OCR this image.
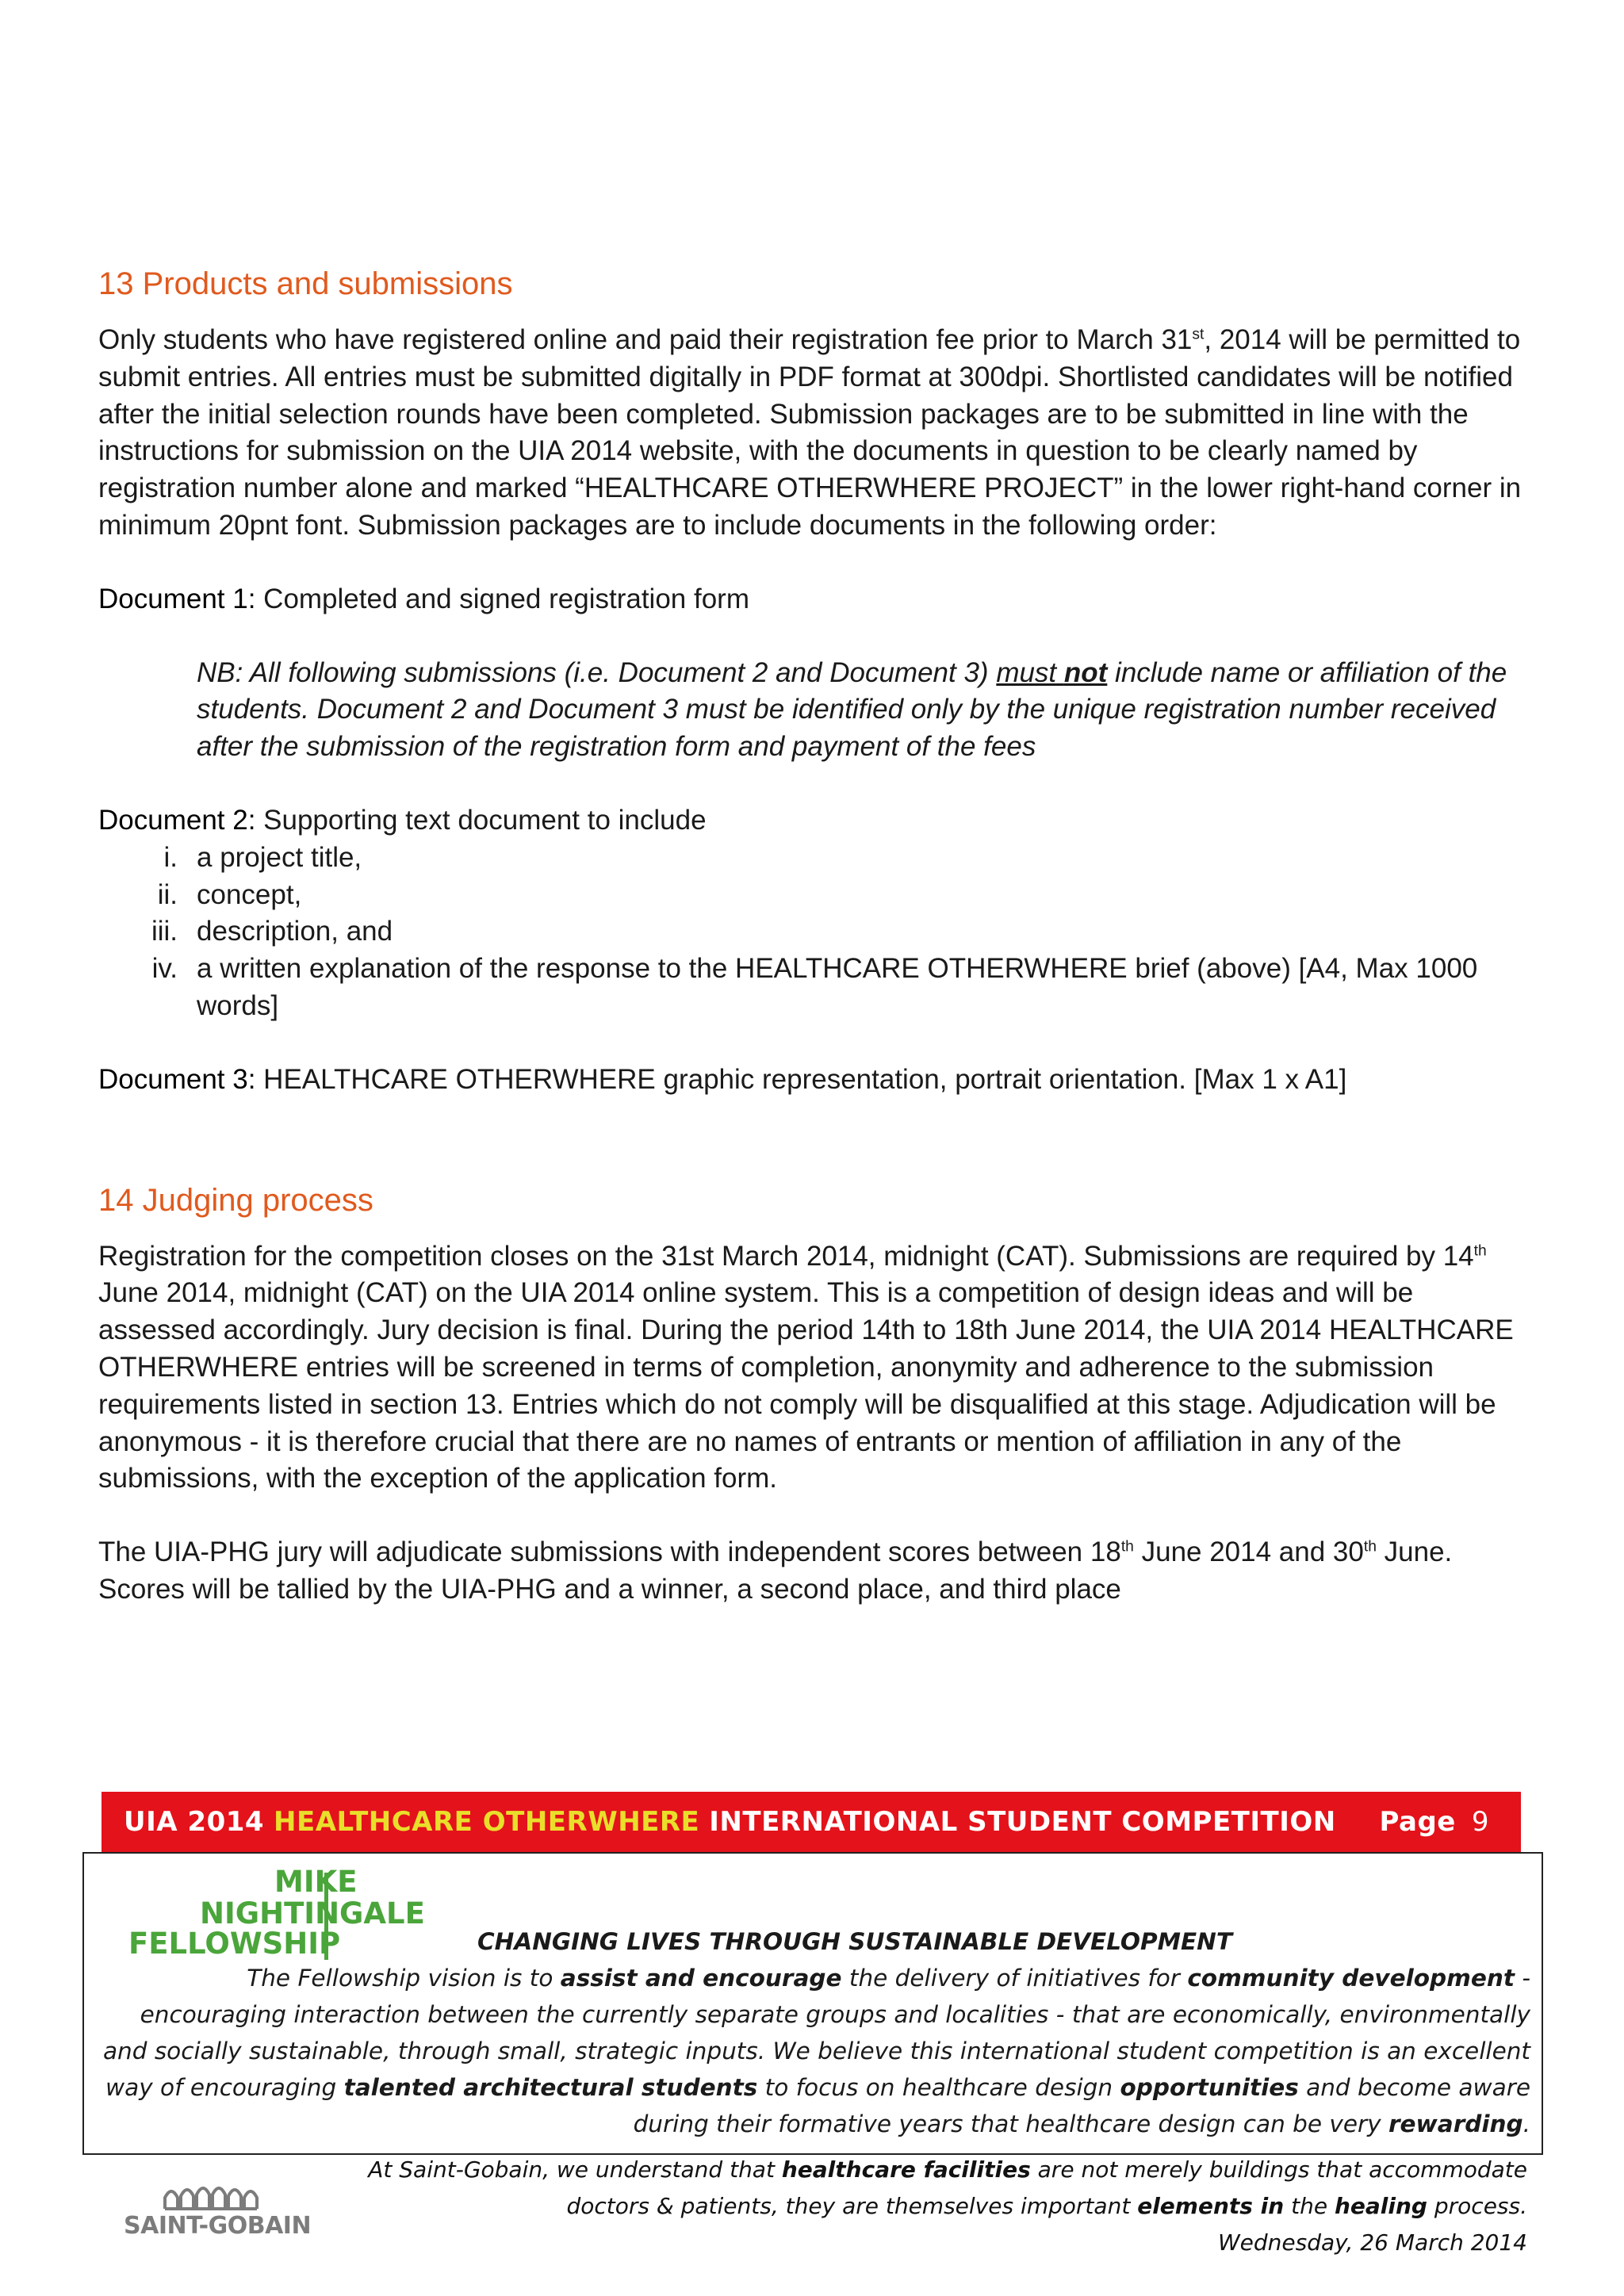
13 Products and submissions

Only students who have registered online and paid their registration fee prior to March 31st, 2014 will be permitted to submit entries. All entries must be submitted digitally in PDF format at 300dpi. Shortlisted candidates will be notified after the initial selection rounds have been completed. Submission packages are to be submitted in line with the instructions for submission on the UIA 2014 website, with the documents in question to be clearly named by registration number alone and marked “HEALTHCARE OTHERWHERE PROJECT” in the lower right-hand corner in minimum 20pnt font. Submission packages are to include documents in the following order:

Document 1: Completed and signed registration form

NB: All following submissions (i.e. Document 2 and Document 3) must not include name or affiliation of the students. Document 2 and Document 3 must be identified only by the unique registration number received after the submission of the registration form and payment of the fees

Document 2: Supporting text document to include

i. a project title,
ii. concept,
iii. description, and
iv. a written explanation of the response to the HEALTHCARE OTHERWHERE brief (above) [A4, Max 1000 words]

Document 3: HEALTHCARE OTHERWHERE graphic representation, portrait orientation. [Max 1 x A1]

14 Judging process

Registration for the competition closes on the 31st March 2014, midnight (CAT). Submissions are required by 14th June 2014, midnight (CAT) on the UIA 2014 online system. This is a competition of design ideas and will be assessed accordingly. Jury decision is final. During the period 14th to 18th June 2014, the UIA 2014 HEALTHCARE OTHERWHERE entries will be screened in terms of completion, anonymity and adherence to the submission requirements listed in section 13. Entries which do not comply will be disqualified at this stage. Adjudication will be anonymous - it is therefore crucial that there are no names of entrants or mention of affiliation in any of the submissions, with the exception of the application form.

The UIA-PHG jury will adjudicate submissions with independent scores between 18th June 2014 and 30th June. Scores will be tallied by the UIA-PHG and a winner, a second place, and third place

UIA 2014 HEALTHCARE OTHERWHERE INTERNATIONAL STUDENT COMPETITION Page 9
MIKE
NIGHTINGALE
FELLOWSHIP	CHANGING LIVES THROUGH SUSTAINABLE DEVELOPMENT

The Fellowship vision is to assist and encourage the delivery of initiatives for community development - encouraging interaction between the currently separate groups and localities - that are economically, environmentally and socially sustainable, through small, strategic inputs. We believe this international student competition is an excellent way of encouraging talented architectural students to focus on healthcare design opportunities and become aware during their formative years that healthcare design can be very rewarding.

SAINT-GOBAIN

At Saint-Gobain, we understand that healthcare facilities are not merely buildings that accommodate doctors & patients, they are themselves important elements in the healing process.

Wednesday, 26 March 2014
